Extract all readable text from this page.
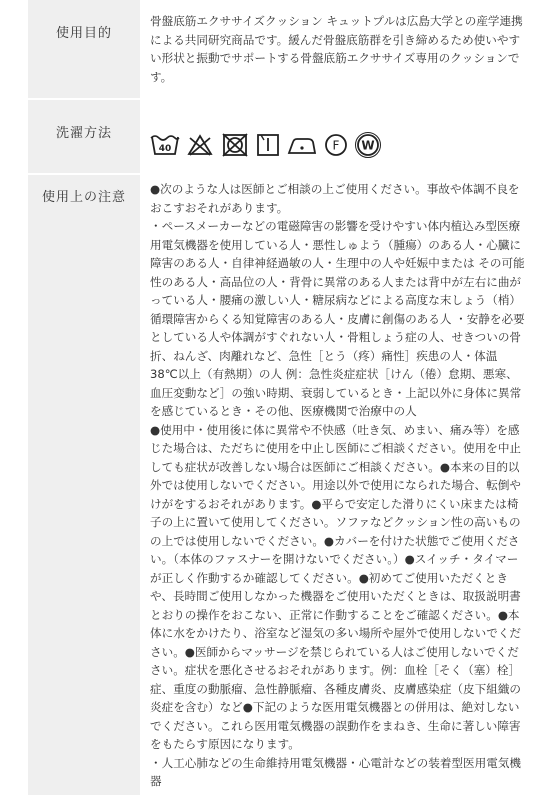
使用目的

骨盤底筋エクササイズクッション キュットプルは広島大学との産学連携による共同研究商品です。緩んだ骨盤底筋群を引き締めるため使いやすい形状と振動でサポートする骨盤底筋エクササイズ専用のクッションです。

洗濯方法
40	F W
使用上の注意

●次のような人は医師とご相談の上ご使用ください。事故や体調不良をおこすおそれがあります。

・ペースメーカーなどの電磁障害の影響を受けやすい体内植込み型医療用電気機器を使用している人・悪性しゅよう（腫瘍）のある人・心臓に障害のある人・自律神経過敏の人・生理中の人や妊娠中または その可能性のある人・高品位の人・背骨に異常のある人または背中が左右に曲がっている人・腰痛の激しい人・糖尿病などによる高度な末しょう（梢）循環障害からくる知覚障害のある人・皮膚に創傷のある人 ・安静を必要としている人や体調がすぐれない人・骨粗しょう症の人、せきついの骨折、ねんざ、肉離れなど、急性［とう（疼）痛性］疾患の人・体温38℃以上（有熱期）の人 例：急性炎症症状［けん（倦）怠期、悪寒、血圧変動など］の強い時期、衰弱しているとき・上記以外に身体に異常を感じているとき・その他、医療機関で治療中の人

●使用中・使用後に体に異常や不快感（吐き気、めまい、痛み等）を感じた場合は、ただちに使用を中止し医師にご相談ください。使用を中止しても症状が改善しない場合は医師にご相談ください。●本来の目的以外では使用しないでください。用途以外で使用になられた場合、転倒やけがをするおそれがあります。●平らで安定した滑りにくい床または椅子の上に置いて使用してください。ソファなどクッション性の高いものの上では使用しないでください。●カバーを付けた状態でご使用ください。（本体のファスナーを開けないでください。）●スイッチ・タイマーが正しく作動するか確認してください。●初めてご使用いただくときや、長時間ご使用しなかった機器をご使用いただくときは、取扱説明書とおりの操作をおこない、正常に作動することをご確認ください。●本体に水をかけたり、浴室など湿気の多い場所や屋外で使用しないでください。●医師からマッサージを禁じられている人はご使用しないでください。症状を悪化させるおそれがあります。例：血栓［そく（塞）栓］症、重度の動脈瘤、急性静脈瘤、各種皮膚炎、皮膚感染症（皮下組織の炎症を含む）など●下記のような医用電気機器との併用は、絶対しないでください。これら医用電気機器の誤動作をまねき、生命に著しい障害をもたらす原因になります。

・人工心肺などの生命維持用電気機器・心電計などの装着型医用電気機器
